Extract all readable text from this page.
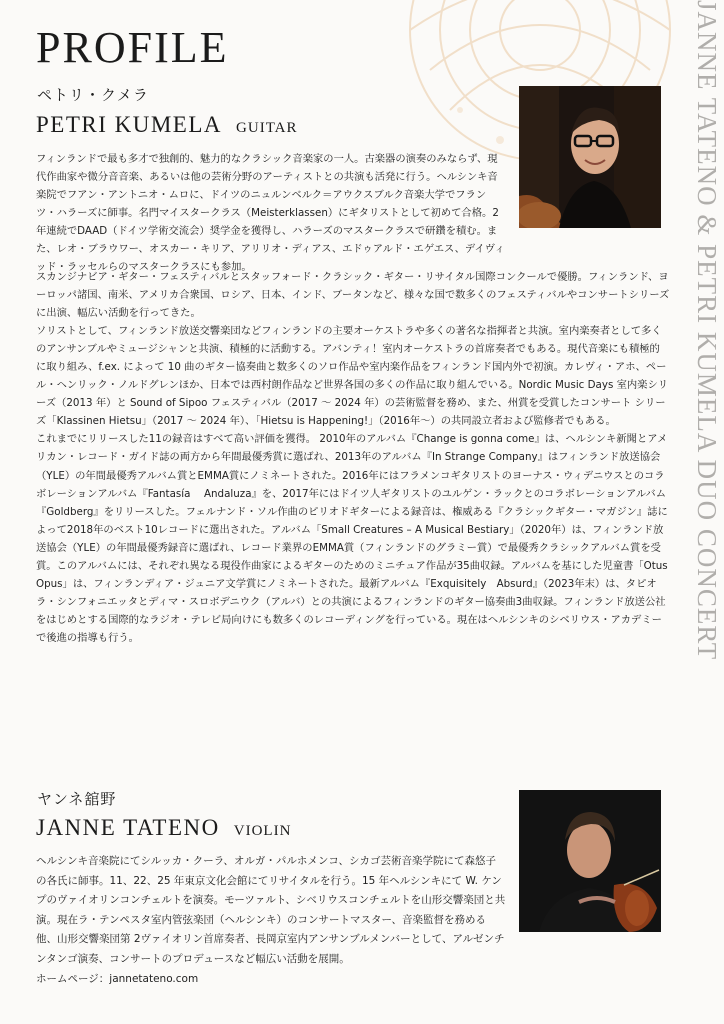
JANNE TATENO & PETRI KUMELA DUO CONCERT
PROFILE
ペトリ・クメラ
PETRI KUMELA GUITAR

フィンランドで最も多才で独創的、魅力的なクラシック音楽家の一人。古楽器の演奏のみならず、現代作曲家や微分音音楽、あるいは他の芸術分野のアーティストとの共演も活発に行う。ヘルシンキ音楽院でフアン・アントニオ・ムロに、ドイツのニュルンベルク＝アウクスブルク音楽大学でフランツ・ハラーズに師事。名門マイスタークラス（Meisterklassen）にギタリストとして初めて合格。2年連続でDAAD（ドイツ学術交流会）奨学金を獲得し、ハラーズのマスタークラスで研鑽を積む。また、レオ・ブラウワー、オスカー・キリア、アリリオ・ディアス、エドゥアルド・エゲエス、デイヴィッド・ラッセルらのマスタークラスにも参加。

スカンジナビア・ギター・フェスティバルとスタッフォード・クラシック・ギター・リサイタル国際コンクールで優勝。フィンランド、ヨーロッパ諸国、南米、アメリカ合衆国、ロシア、日本、インド、ブータンなど、様々な国で数多くのフェスティバルやコンサートシリーズに出演、幅広い活動を行ってきた。

ソリストとして、フィンランド放送交響楽団などフィンランドの主要オーケストラや多くの著名な指揮者と共演。室内楽奏者として多くのアンサンブルやミュージシャンと共演、積極的に活動する。アバンティ！室内オーケストラの首席奏者でもある。現代音楽にも積極的に取り組み、f.ex. によって 10 曲のギター協奏曲と数多くのソロ作品や室内楽作品をフィンランド国内外で初演。カレヴィ・アホ、ペール・ヘンリック・ノルドグレンほか、日本では西村朗作品など世界各国の多くの作品に取り組んでいる。Nordic Music Days 室内楽シリーズ（2013 年）と Sound of Sipoo フェスティバル（2017 ～ 2024 年）の芸術監督を務め、また、州賞を受賞したコンサート シリーズ「Klassinen Hietsu」（2017 ～ 2024 年）、「Hietsu is Happening!」（2016年～）の共同設立者および監修者でもある。

これまでにリリースした11の録音はすべて高い評価を獲得。 2010年のアルバム『Change is gonna come』は、ヘルシンキ新聞とアメリカン・レコード・ガイド誌の両方から年間最優秀賞に選ばれ、2013年のアルバム『In Strange Company』はフィンランド放送協会（YLE）の年間最優秀アルバム賞とEMMA賞にノミネートされた。2016年にはフラメンコギタリストのヨーナス・ウィデニウスとのコラボレーションアルバム『Fantasía　 Andaluza』を、2017年にはドイツ人ギタリストのユルゲン・ラックとのコラボレーションアルバム『Goldberg』をリリースした。フェルナンド・ソル作曲のピリオドギターによる録音は、権威ある『クラシックギター・マガジン』誌によって2018年のベスト10レコードに選出された。アルバム「Small Creatures – A Musical Bestiary」（2020年）は、フィンランド放送協会（YLE）の年間最優秀録音に選ばれ、レコード業界のEMMA賞（フィンランドのグラミー賞）で最優秀クラシックアルバム賞を受賞。このアルバムには、それぞれ異なる現役作曲家によるギターのためのミニチュア作品が35曲収録。アルバムを基にした児童書「Otus　Opus」は、フィンランディア・ジュニア文学賞にノミネートされた。最新アルバム『Exquisitely　Absurd』（2023年末）は、タピオラ・シンフォニエッタとディマ・スロボデニウク（アルバ）との共演によるフィンランドのギター協奏曲3曲収録。フィンランド放送公社をはじめとする国際的なラジオ・テレビ局向けにも数多くのレコーディングを行っている。現在はヘルシンキのシベリウス・アカデミーで後進の指導も行う。

ヤンネ舘野
JANNE TATENO VIOLIN

ヘルシンキ音楽院にてシルッカ・クーラ、オルガ・パルホメンコ、シカゴ芸術音楽学院にて森悠子の各氏に師事。11、22、25 年東京文化会館にてリサイタルを行う。15 年ヘルシンキにて W. ケンプのヴァイオリンコンチェルトを演奏。モーツァルト、シベリウスコンチェルトを山形交響楽団と共演。現在ラ・テンペスタ室内管弦楽団（ヘルシンキ）のコンサートマスター、音楽監督を務める他、山形交響楽団第 2ヴァイオリン首席奏者、長岡京室内アンサンブルメンバーとして、アルゼンチンタンゴ演奏、コンサートのプロデュースなど幅広い活動を展開。

ホームページ：jannetateno.com
